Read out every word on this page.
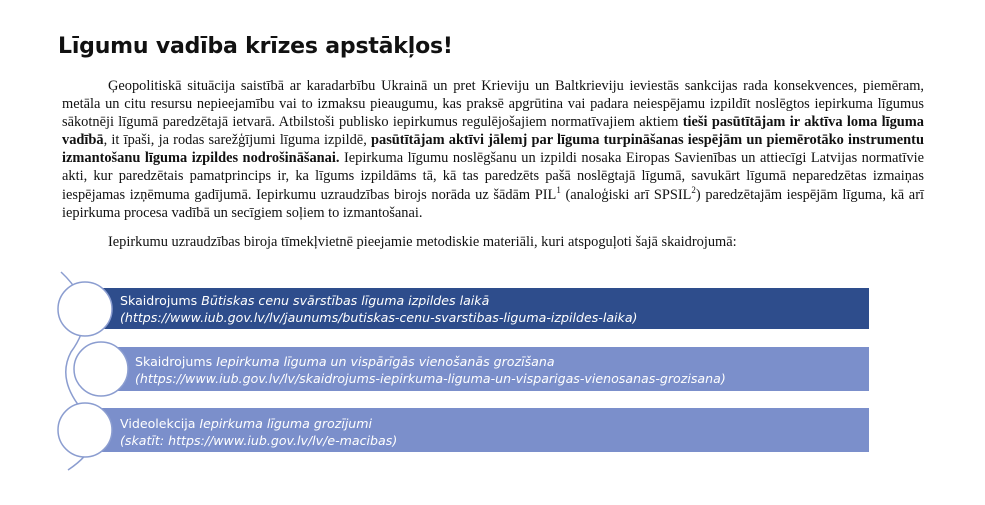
Līgumu vadība krīzes apstākļos!

Ģeopolitiskā situācija saistībā ar karadarbību Ukrainā un pret Krieviju un Baltkrieviju ieviestās sankcijas rada konsekvences, piemēram, metāla un citu resursu nepieejamību vai to izmaksu pieaugumu, kas praksē apgrūtina vai padara neiespējamu izpildīt noslēgtos iepirkuma līgumus sākotnēji līgumā paredzētajā ietvarā. Atbilstoši publisko iepirkumus regulējošajiem normatīvajiem aktiem tieši pasūtītājam ir aktīva loma līguma vadībā, it īpaši, ja rodas sarežģījumi līguma izpildē, pasūtītājam aktīvi jālemj par līguma turpināšanas iespējām un piemērotāko instrumentu izmantošanu līguma izpildes nodrošināšanai. Iepirkuma līgumu noslēgšanu un izpildi nosaka Eiropas Savienības un attiecīgi Latvijas normatīvie akti, kur paredzētais pamatprincips ir, ka līgums izpildāms tā, kā tas paredzēts pašā noslēgtajā līgumā, savukārt līgumā neparedzētas izmaiņas iespējamas izņēmuma gadījumā. Iepirkumu uzraudzības birojs norāda uz šādām PIL$^1$ (analoģiski arī SPSIL$^2$) paredzētajām iespējām līguma, kā arī iepirkuma procesa vadībā un secīgiem soļiem to izmantošanai.

Iepirkumu uzraudzības biroja tīmekļvietnē pieejamie metodiskie materiāli, kuri atspoguļoti šajā skaidrojumā:

Skaidrojums Būtiskas cenu svārstības līguma izpildes laikā
(https://www.iub.gov.lv/lv/jaunums/butiskas-cenu-svarstibas-liguma-izpildes-laika)
Skaidrojums Iepirkuma līguma un vispārīgās vienošanās grozīšana
(https://www.iub.gov.lv/lv/skaidrojums-iepirkuma-liguma-un-visparigas-vienosanas-grozisana)
Videolekcija Iepirkuma līguma grozījumi
(skatīt: https://www.iub.gov.lv/lv/e-macibas)
